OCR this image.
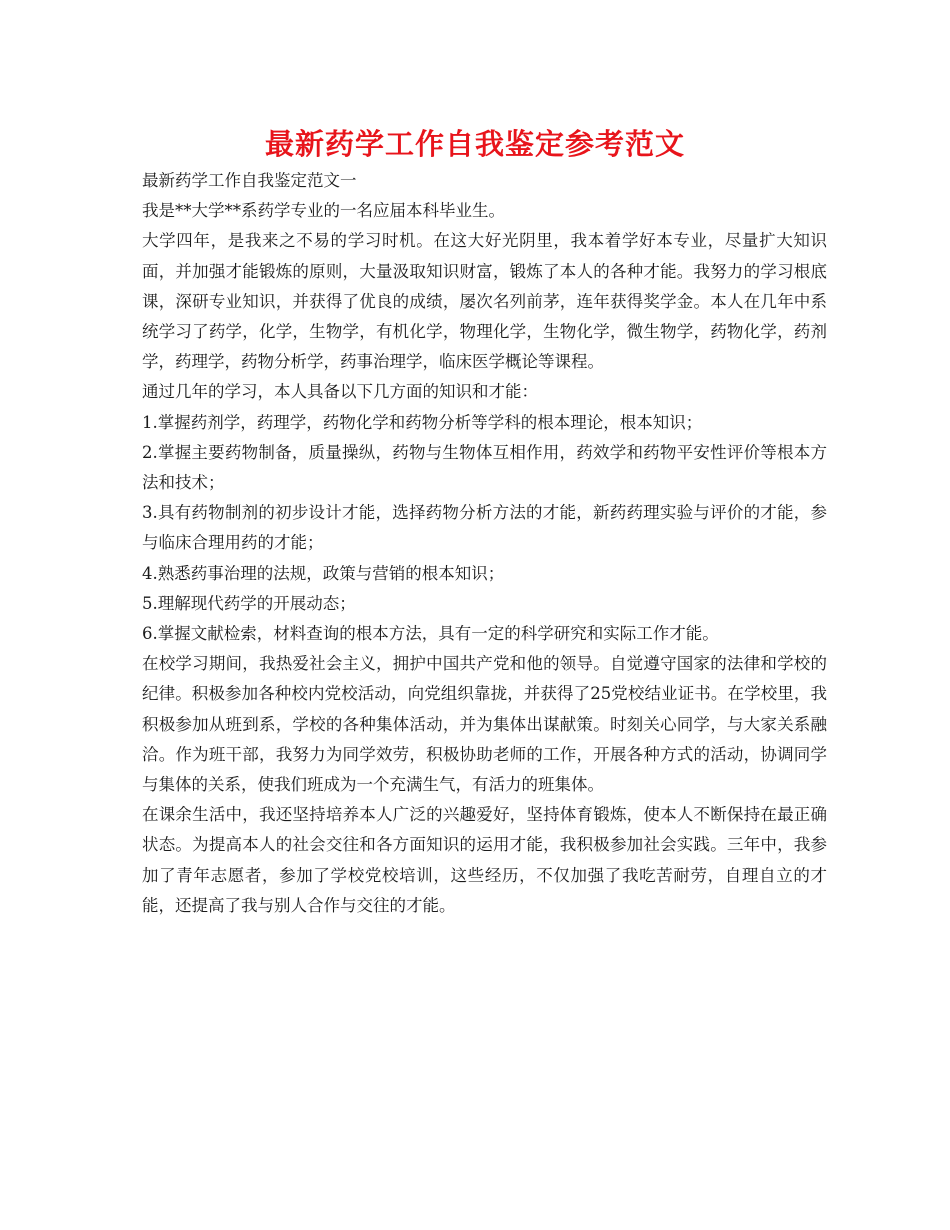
最新药学工作自我鉴定参考范文

最新药学工作自我鉴定范文一

我是**大学**系药学专业的一名应届本科毕业生。

大学四年，是我来之不易的学习时机。在这大好光阴里，我本着学好本专业，尽量扩大知识面，并加强才能锻炼的原则，大量汲取知识财富，锻炼了本人的各种才能。我努力的学习根底课，深研专业知识，并获得了优良的成绩，屡次名列前茅，连年获得奖学金。本人在几年中系统学习了药学，化学，生物学，有机化学，物理化学，生物化学，微生物学，药物化学，药剂学，药理学，药物分析学，药事治理学，临床医学概论等课程。

通过几年的学习，本人具备以下几方面的知识和才能：

1.掌握药剂学，药理学，药物化学和药物分析等学科的根本理论，根本知识；

2.掌握主要药物制备，质量操纵，药物与生物体互相作用，药效学和药物平安性评价等根本方法和技术；

3.具有药物制剂的初步设计才能，选择药物分析方法的才能，新药药理实验与评价的才能，参与临床合理用药的才能；

4.熟悉药事治理的法规，政策与营销的根本知识；

5.理解现代药学的开展动态；

6.掌握文献检索，材料查询的根本方法，具有一定的科学研究和实际工作才能。

在校学习期间，我热爱社会主义，拥护中国共产党和他的领导。自觉遵守国家的法律和学校的纪律。积极参加各种校内党校活动，向党组织靠拢，并获得了25党校结业证书。在学校里，我积极参加从班到系，学校的各种集体活动，并为集体出谋献策。时刻关心同学，与大家关系融洽。作为班干部，我努力为同学效劳，积极协助老师的工作，开展各种方式的活动，协调同学与集体的关系，使我们班成为一个充满生气，有活力的班集体。

在课余生活中，我还坚持培养本人广泛的兴趣爱好，坚持体育锻炼，使本人不断保持在最正确状态。为提高本人的社会交往和各方面知识的运用才能，我积极参加社会实践。三年中，我参加了青年志愿者，参加了学校党校培训，这些经历，不仅加强了我吃苦耐劳，自理自立的才能，还提高了我与别人合作与交往的才能。
